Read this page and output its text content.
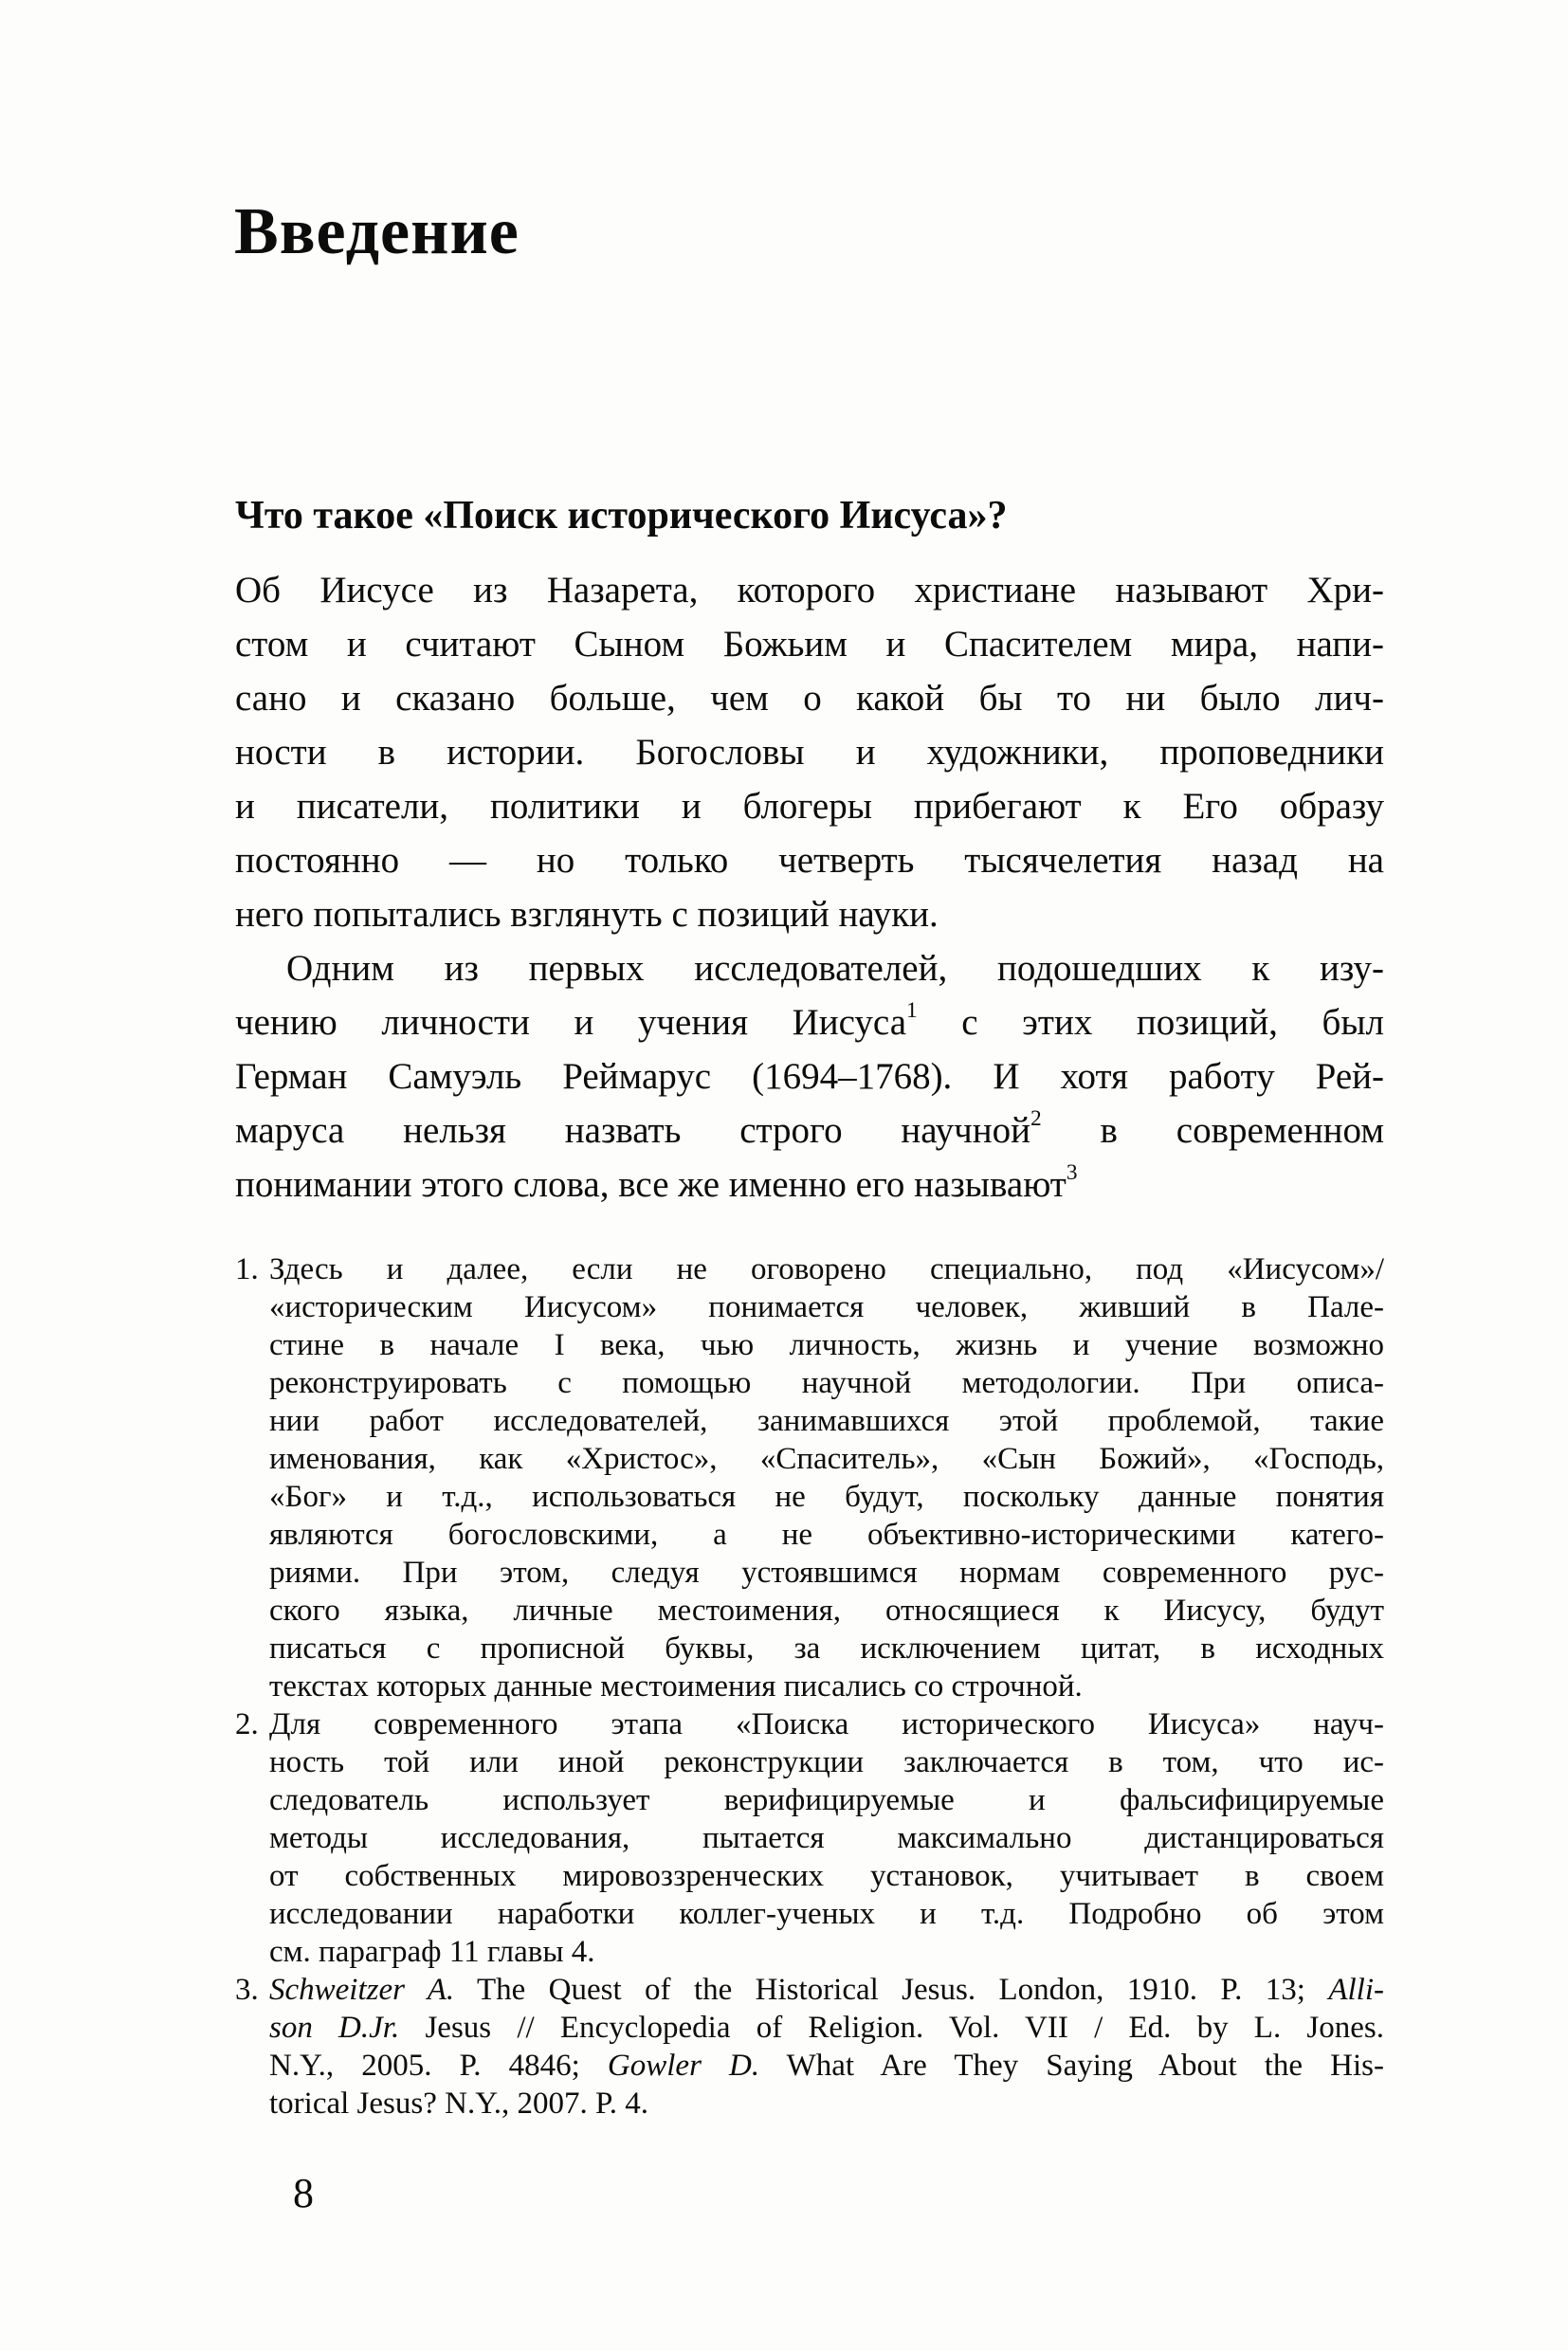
Введение
Что такое «Поиск исторического Иисуса»?

Об Иисусе из Назарета, которого христиане называют Хри-
стом и считают Сыном Божьим и Спасителем мира, напи-
сано и сказано больше, чем о какой бы то ни было лич-
ности в истории. Богословы и художники, проповедники
и писатели, политики и блогеры прибегают к Его образу
постоянно — но только четверть тысячелетия назад на
него попытались взглянуть с позиций науки.

Одним из первых исследователей, подошедших к изу-
чению личности и учения Иисуса$^1$ с этих позиций, был
Герман Самуэль Реймарус (1694–1768). И хотя работу Рей-
маруса нельзя назвать строго научной$^2$ в современном
понимании этого слова, все же именно его называют$^3$

1. Здесь и далее, если не оговорено специально, под «Иисусом»/
«историческим Иисусом» понимается человек, живший в Пале-
стине в начале I века, чью личность, жизнь и учение возможно
реконструировать с помощью научной методологии. При описа-
нии работ исследователей, занимавшихся этой проблемой, такие
именования, как «Христос», «Спаситель», «Сын Божий», «Господь,
«Бог» и т.д., использоваться не будут, поскольку данные понятия
являются богословскими, а не объективно-историческими катего-
риями. При этом, следуя устоявшимся нормам современного рус-
ского языка, личные местоимения, относящиеся к Иисусу, будут
писаться с прописной буквы, за исключением цитат, в исходных
текстах которых данные местоимения писались со строчной.
2. Для современного этапа «Поиска исторического Иисуса» науч-
ность той или иной реконструкции заключается в том, что ис-
следователь использует верифицируемые и фальсифицируемые
методы исследования, пытается максимально дистанцироваться
от собственных мировоззренческих установок, учитывает в своем
исследовании наработки коллег-ученых и т.д. Подробно об этом
см. параграф 11 главы 4.
3. Schweitzer A. The Quest of the Historical Jesus. London, 1910. P. 13; Alli-
son D.Jr. Jesus // Encyclopedia of Religion. Vol. VII / Ed. by L. Jones.
N.Y., 2005. P. 4846; Gowler D. What Are They Saying About the His-
torical Jesus? N.Y., 2007. P. 4.
8
